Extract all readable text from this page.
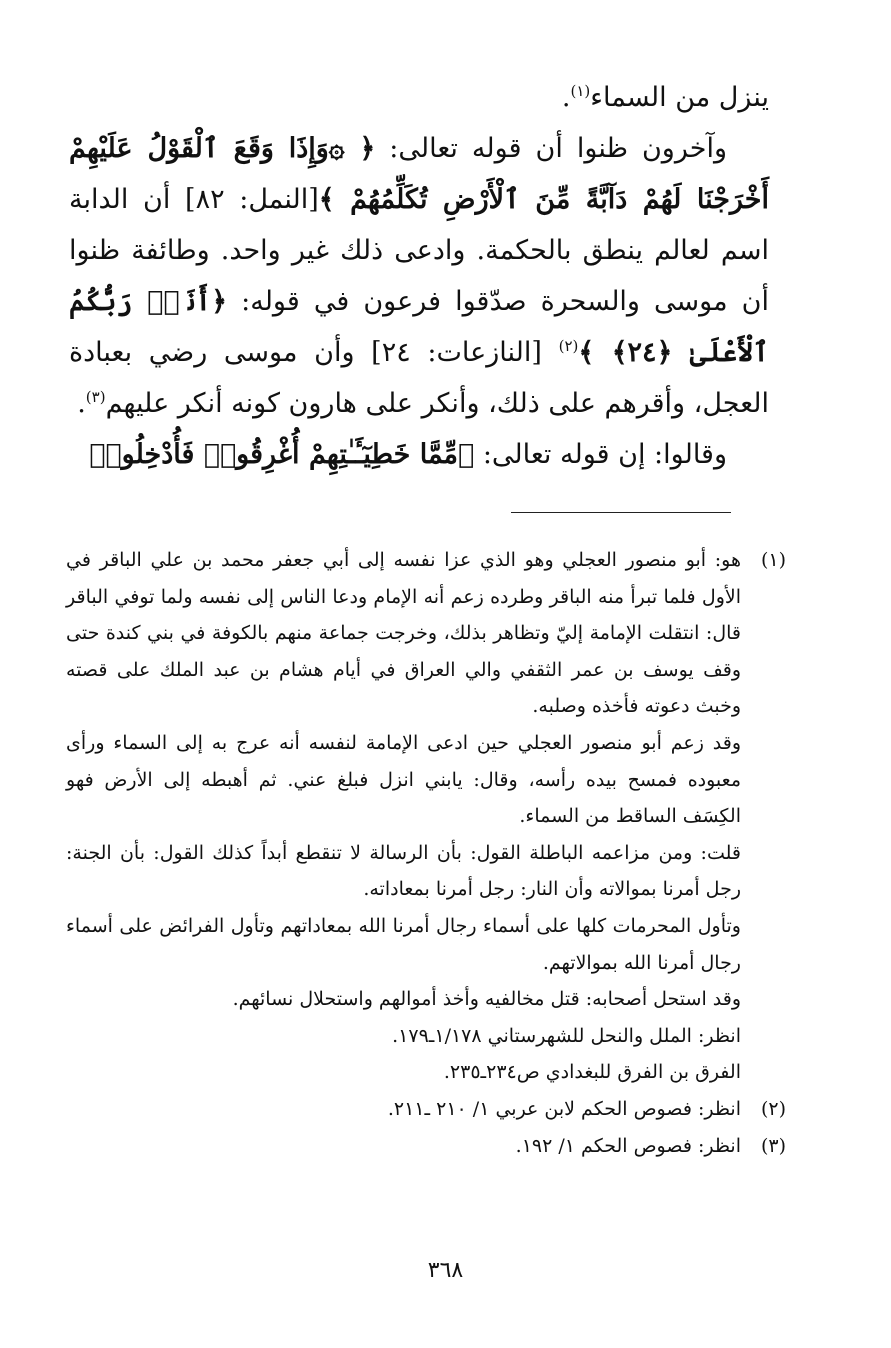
ينزل من السماء$^{(١)}$.

وآخرون ظنوا أن قوله تعالى: ﴿ ۞وَإِذَا وَقَعَ ٱلْقَوْلُ عَلَيْهِمْ أَخْرَجْنَا لَهُمْ دَآبَّةً مِّنَ ٱلْأَرْضِ تُكَلِّمُهُمْ ﴾[النمل: ٨٢] أن الدابة اسم لعالم ينطق بالحكمة. وادعى ذلك غير واحد. وطائفة ظنوا أن موسى والسحرة صدّقوا فرعون في قوله: ﴿أَنَا۠ رَبُّكُمُ ٱلْأَعْلَىٰ ﴿٢٤﴾ ﴾$^{(٢)}$ [النازعات: ٢٤] وأن موسى رضي بعبادة العجل، وأقرهم على ذلك، وأنكر على هارون كونه أنكر عليهم$^{(٣)}$.

وقالوا: إن قوله تعالى: ﴿مِّمَّا خَطِيٓـَٔـٰتِهِمْ أُغْرِقُوا۟ فَأُدْخِلُوا۟

(١)

هو: أبو منصور العجلي وهو الذي عزا نفسه إلى أبي جعفر محمد بن علي الباقر في الأول فلما تبرأ منه الباقر وطرده زعم أنه الإمام ودعا الناس إلى نفسه ولما توفي الباقر قال: انتقلت الإمامة إليّ وتظاهر بذلك، وخرجت جماعة منهم بالكوفة في بني كندة حتى وقف يوسف بن عمر الثقفي والي العراق في أيام هشام بن عبد الملك على قصته وخبث دعوته فأخذه وصلبه.

وقد زعم أبو منصور العجلي حين ادعى الإمامة لنفسه أنه عرج به إلى السماء ورأى معبوده فمسح بيده رأسه، وقال: يابني انزل فبلغ عني. ثم أهبطه إلى الأرض فهو الكِسَف الساقط من السماء.

قلت: ومن مزاعمه الباطلة القول: بأن الرسالة لا تنقطع أبداً كذلك القول: بأن الجنة: رجل أمرنا بموالاته وأن النار: رجل أمرنا بمعاداته.

وتأول المحرمات كلها على أسماء رجال أمرنا الله بمعاداتهم وتأول الفرائض على أسماء رجال أمرنا الله بموالاتهم.

وقد استحل أصحابه: قتل مخالفيه وأخذ أموالهم واستحلال نسائهم.

انظر: الملل والنحل للشهرستاني ١/١٧٨ـ١٧٩.

الفرق بن الفرق للبغدادي ص٢٣٤ـ٢٣٥.

(٢)

انظر: فصوص الحكم لابن عربي ١/ ٢١٠ ـ٢١١.

(٣)

انظر: فصوص الحكم ١/ ١٩٢.

٣٦٨
